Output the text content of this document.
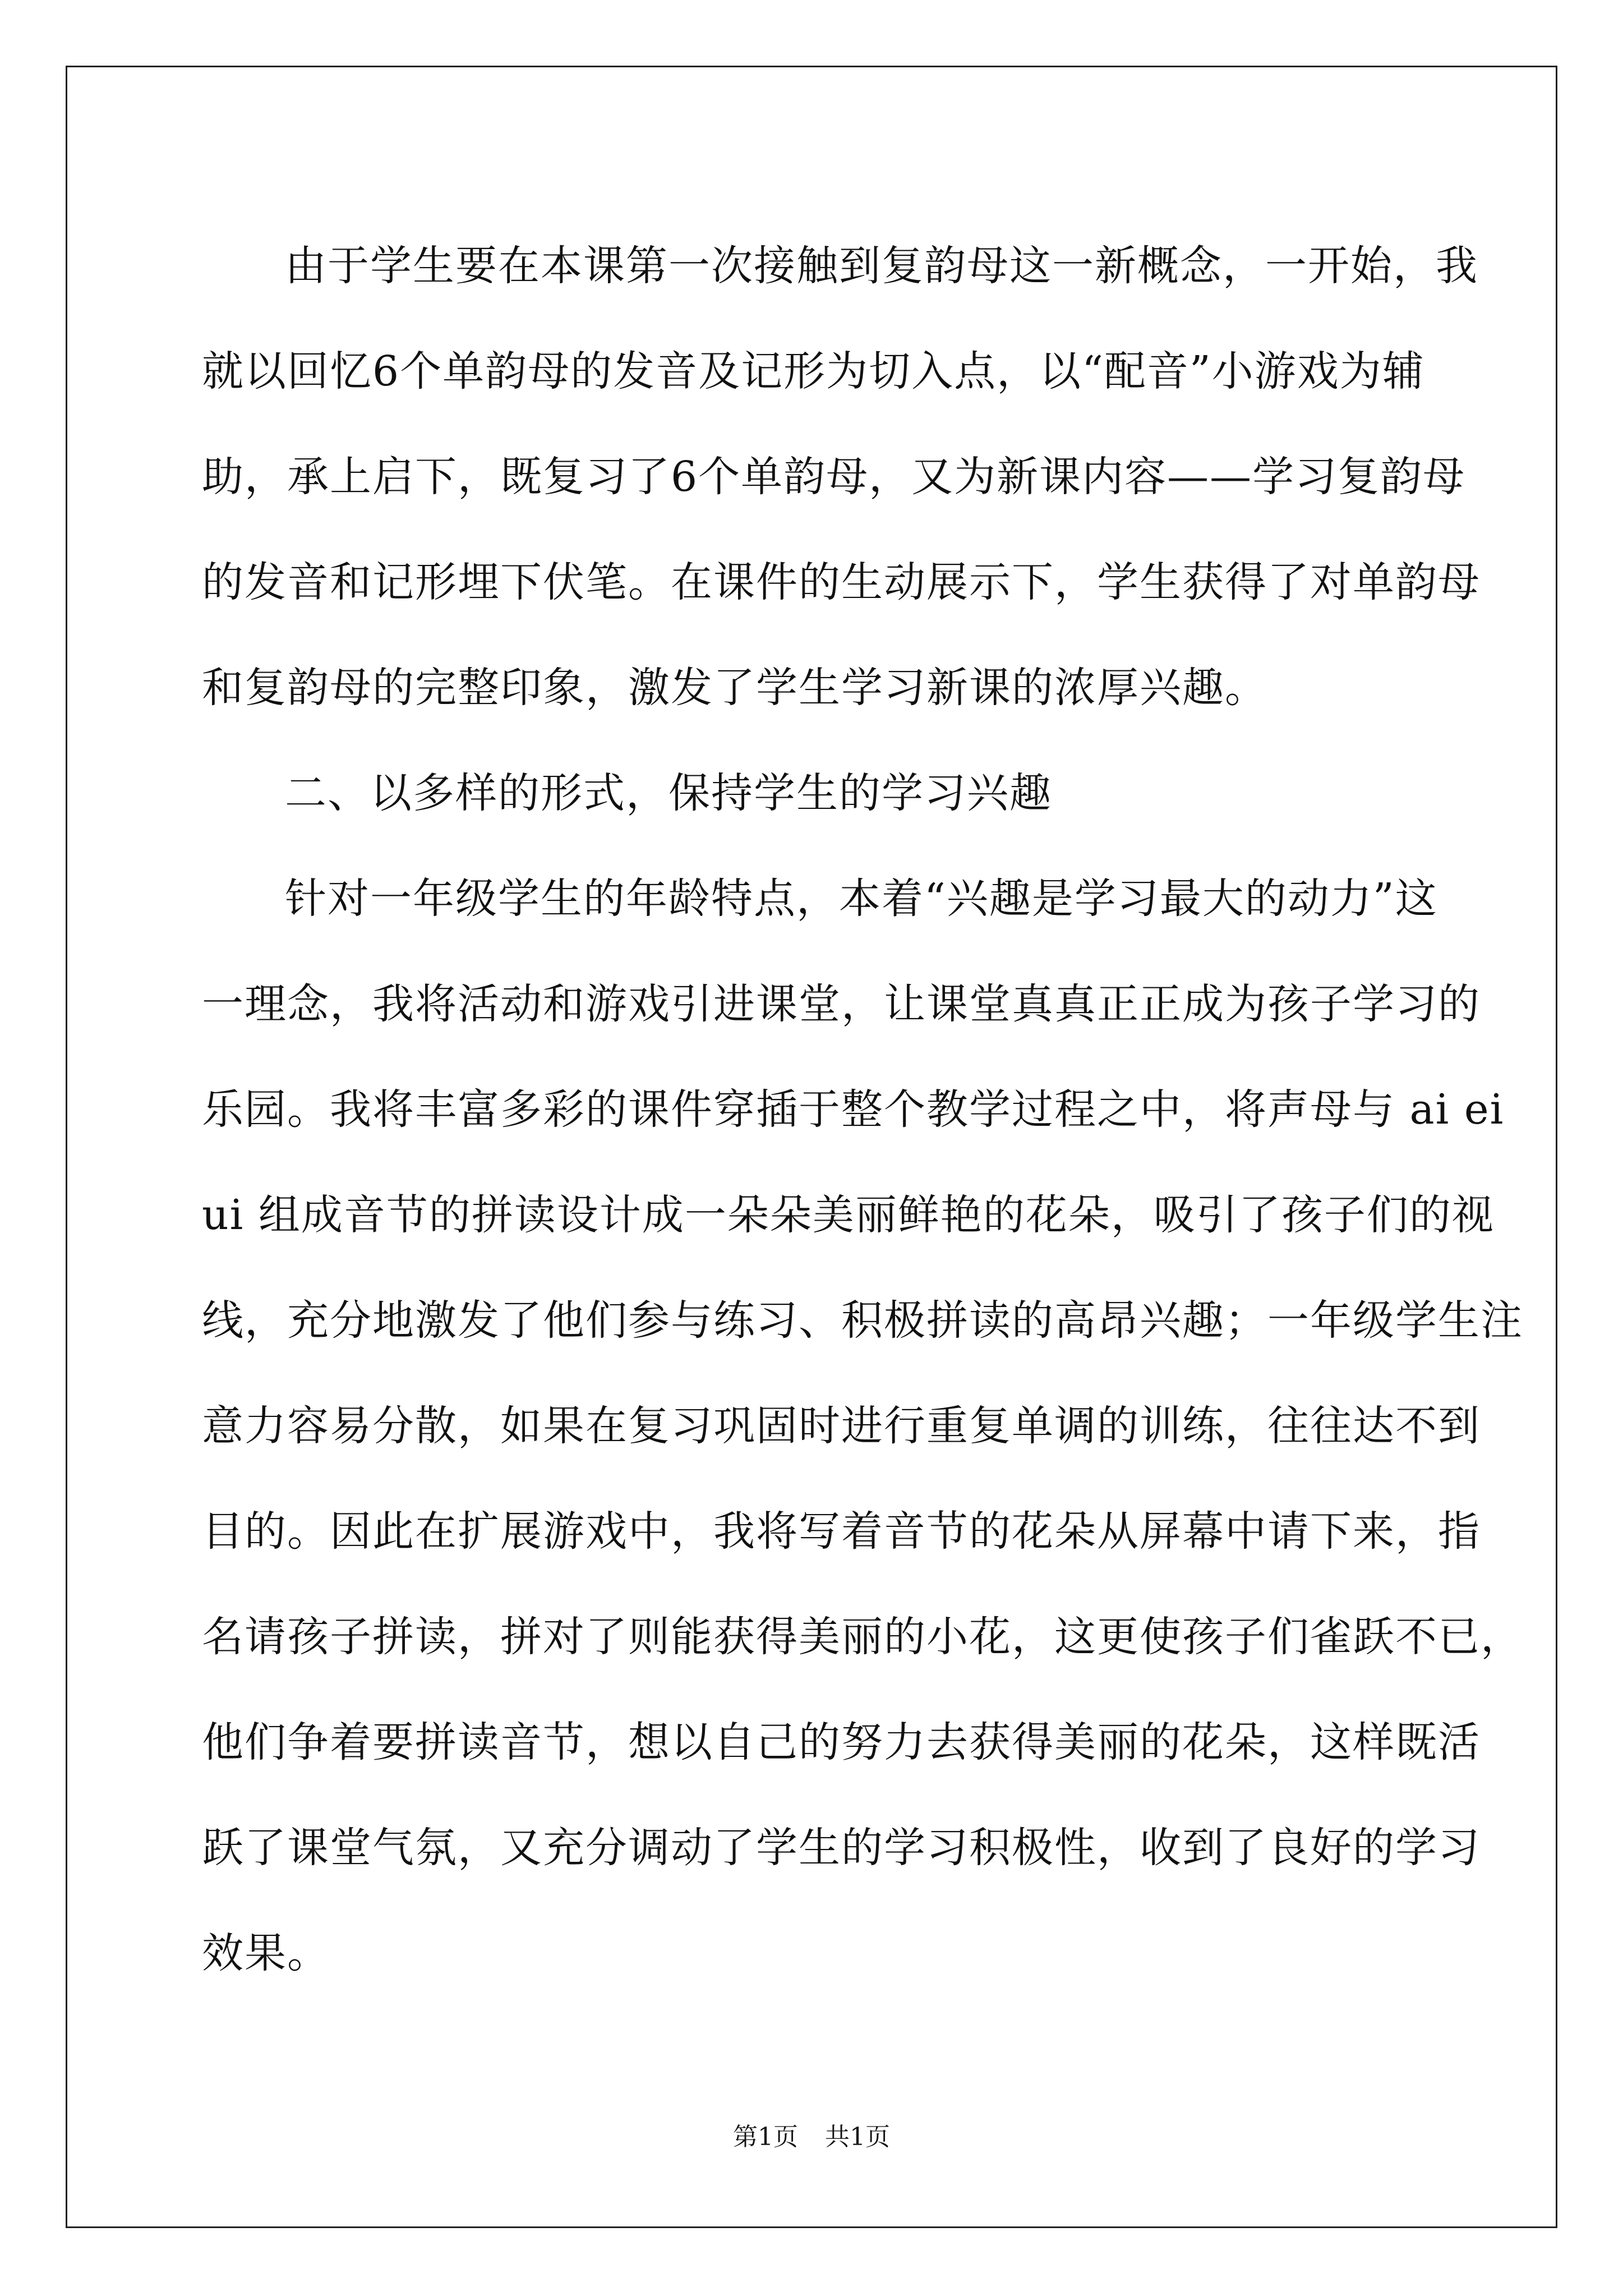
由于学生要在本课第一次接触到复韵母这一新概念，一开始，我
就以回忆6个单韵母的发音及记形为切入点，以“配音”小游戏为辅
助，承上启下，既复习了6个单韵母，又为新课内容——学习复韵母
的发音和记形埋下伏笔。在课件的生动展示下，学生获得了对单韵母
和复韵母的完整印象，激发了学生学习新课的浓厚兴趣。
二、以多样的形式，保持学生的学习兴趣
针对一年级学生的年龄特点，本着“兴趣是学习最大的动力”这
一理念，我将活动和游戏引进课堂，让课堂真真正正成为孩子学习的
乐园。我将丰富多彩的课件穿插于整个教学过程之中，将声母与 ai ei
ui 组成音节的拼读设计成一朵朵美丽鲜艳的花朵，吸引了孩子们的视
线，充分地激发了他们参与练习、积极拼读的高昂兴趣；一年级学生注
意力容易分散，如果在复习巩固时进行重复单调的训练，往往达不到
目的。因此在扩展游戏中，我将写着音节的花朵从屏幕中请下来，指
名请孩子拼读，拼对了则能获得美丽的小花，这更使孩子们雀跃不已，
他们争着要拼读音节，想以自己的努力去获得美丽的花朵，这样既活
跃了课堂气氛，又充分调动了学生的学习积极性，收到了良好的学习
效果。
第1页 共1页
